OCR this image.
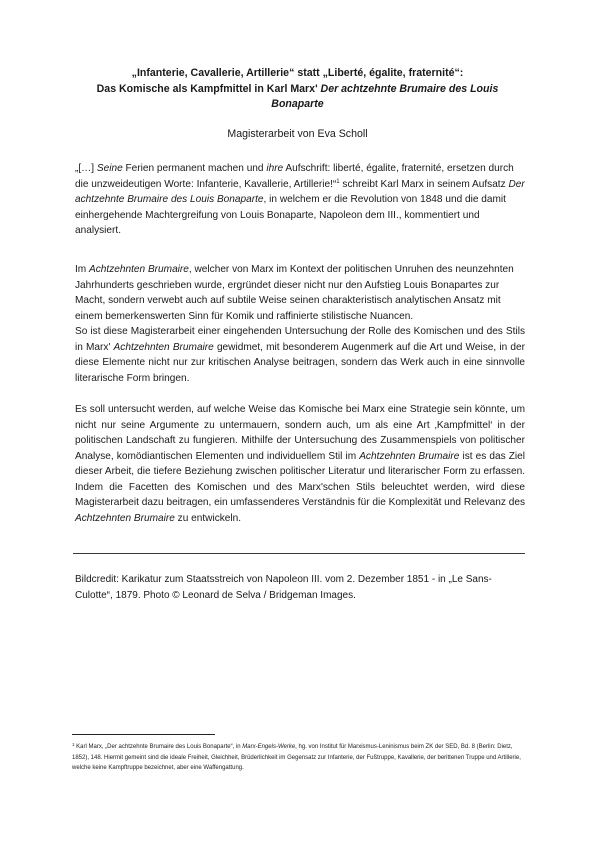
„Infanterie, Cavallerie, Artillerie“ statt „Liberté, égalite, fraternité“:
Das Komische als Kampfmittel in Karl Marx' Der achtzehnte Brumaire des Louis
Bonaparte
Magisterarbeit von Eva Scholl

„[…] Seine Ferien permanent machen und ihre Aufschrift: liberté, égalite, fraternité, ersetzen durch die unzweideutigen Worte: Infanterie, Kavallerie, Artillerie!“$^1$ schreibt Karl Marx in seinem Aufsatz Der achtzehnte Brumaire des Louis Bonaparte, in welchem er die Revolution von 1848 und die damit einhergehende Machtergreifung von Louis Bonaparte, Napoleon dem III., kommentiert und analysiert.

Im Achtzehnten Brumaire, welcher von Marx im Kontext der politischen Unruhen des neunzehnten Jahrhunderts geschrieben wurde, ergründet dieser nicht nur den Aufstieg Louis Bonapartes zur Macht, sondern verwebt auch auf subtile Weise seinen charakteristisch analytischen Ansatz mit einem bemerkenswerten Sinn für Komik und raffinierte stilistische Nuancen.

So ist diese Magisterarbeit einer eingehenden Untersuchung der Rolle des Komischen und des Stils in Marx' Achtzehnten Brumaire gewidmet, mit besonderem Augenmerk auf die Art und Weise, in der diese Elemente nicht nur zur kritischen Analyse beitragen, sondern das Werk auch in eine sinnvolle literarische Form bringen.

Es soll untersucht werden, auf welche Weise das Komische bei Marx eine Strategie sein könnte, um nicht nur seine Argumente zu untermauern, sondern auch, um als eine Art ‚Kampfmittel‘ in der politischen Landschaft zu fungieren. Mithilfe der Untersuchung des Zusammenspiels von politischer Analyse, komödiantischen Elementen und individuellem Stil im Achtzehnten Brumaire ist es das Ziel dieser Arbeit, die tiefere Beziehung zwischen politischer Literatur und literarischer Form zu erfassen. Indem die Facetten des Komischen und des Marx'schen Stils beleuchtet werden, wird diese Magisterarbeit dazu beitragen, ein umfassenderes Verständnis für die Komplexität und Relevanz des Achtzehnten Brumaire zu entwickeln.

Bildcredit: Karikatur zum Staatsstreich von Napoleon III. vom 2. Dezember 1851 - in „Le Sans-Culotte“, 1879. Photo © Leonard de Selva / Bridgeman Images.
$^1$ Karl Marx, „Der achtzehnte Brumaire des Louis Bonaparte“, in Marx-Engels-Werke, hg. von Institut für Marxismus-Leninismus beim ZK der SED, Bd. 8 (Berlin: Dietz, 1852), 148. Hiermit gemeint sind die ideale Freiheit, Gleichheit, Brüderlichkeit im Gegensatz zur Infanterie, der Fußtruppe, Kavallerie, der berittenen Truppe und Artillerie, welche keine Kampftruppe bezeichnet, aber eine Waffengattung.
